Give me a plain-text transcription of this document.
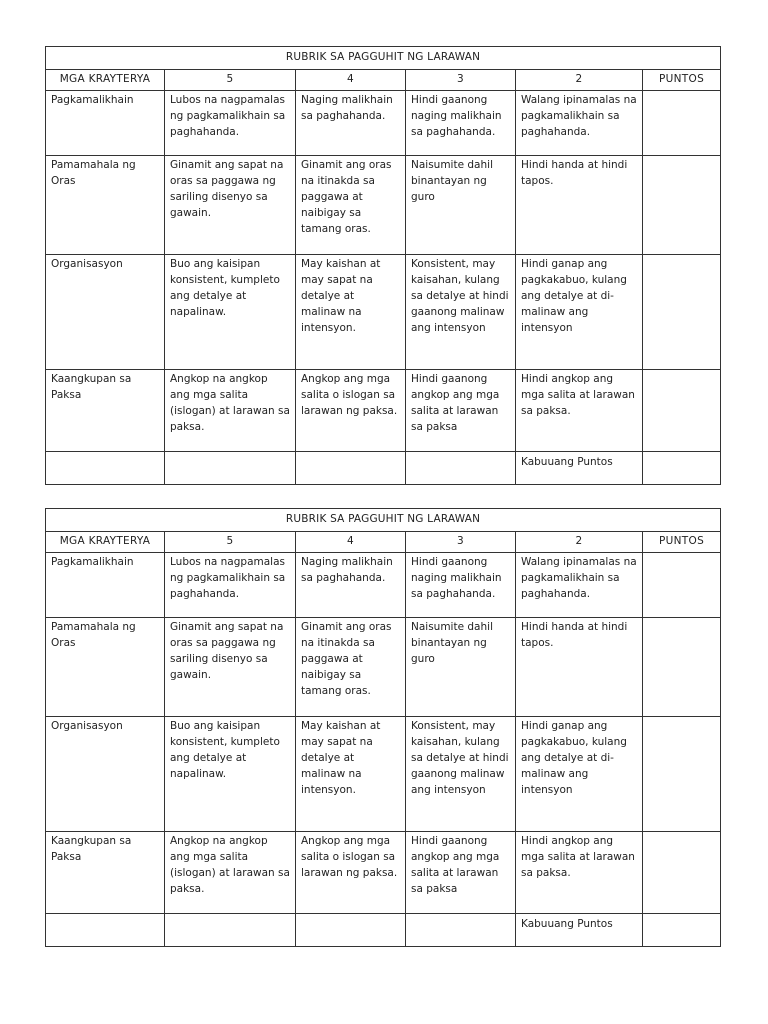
RUBRIK SA PAGGUHIT NG LARAWAN					
MGA KRAYTERYA	5	4	3	2	PUNTOS
Pagkamalikhain	Lubos na nagpamalas ng pagkamalikhain sa paghahanda.	Naging malikhain sa paghahanda.	Hindi gaanong naging malikhain sa paghahanda.	Walang ipinamalas na pagkamalikhain sa paghahanda.	
Pamamahala ng Oras	Ginamit ang sapat na oras sa paggawa ng sariling disenyo sa gawain.	Ginamit ang oras na itinakda sa paggawa at naibigay sa tamang oras.	Naisumite dahil binantayan ng guro	Hindi handa at hindi tapos.	
Organisasyon	Buo ang kaisipan konsistent, kumpleto ang detalye at napalinaw.	May kaishan at may sapat na detalye at malinaw na intensyon.	Konsistent, may kaisahan, kulang sa detalye at hindi gaanong malinaw ang intensyon	Hindi ganap ang pagkakabuo, kulang ang detalye at di-malinaw ang intensyon	
Kaangkupan sa Paksa	Angkop na angkop ang mga salita (islogan) at larawan sa paksa.	Angkop ang mga salita o islogan sa larawan ng paksa.	Hindi gaanong angkop ang mga salita at larawan sa paksa	Hindi angkop ang mga salita at larawan sa paksa.	
				Kabuuang Puntos	
RUBRIK SA PAGGUHIT NG LARAWAN					
MGA KRAYTERYA	5	4	3	2	PUNTOS
Pagkamalikhain	Lubos na nagpamalas ng pagkamalikhain sa paghahanda.	Naging malikhain sa paghahanda.	Hindi gaanong naging malikhain sa paghahanda.	Walang ipinamalas na pagkamalikhain sa paghahanda.	
Pamamahala ng Oras	Ginamit ang sapat na oras sa paggawa ng sariling disenyo sa gawain.	Ginamit ang oras na itinakda sa paggawa at naibigay sa tamang oras.	Naisumite dahil binantayan ng guro	Hindi handa at hindi tapos.	
Organisasyon	Buo ang kaisipan konsistent, kumpleto ang detalye at napalinaw.	May kaishan at may sapat na detalye at malinaw na intensyon.	Konsistent, may kaisahan, kulang sa detalye at hindi gaanong malinaw ang intensyon	Hindi ganap ang pagkakabuo, kulang ang detalye at di-malinaw ang intensyon	
Kaangkupan sa Paksa	Angkop na angkop ang mga salita (islogan) at larawan sa paksa.	Angkop ang mga salita o islogan sa larawan ng paksa.	Hindi gaanong angkop ang mga salita at larawan sa paksa	Hindi angkop ang mga salita at larawan sa paksa.	
				Kabuuang Puntos	
